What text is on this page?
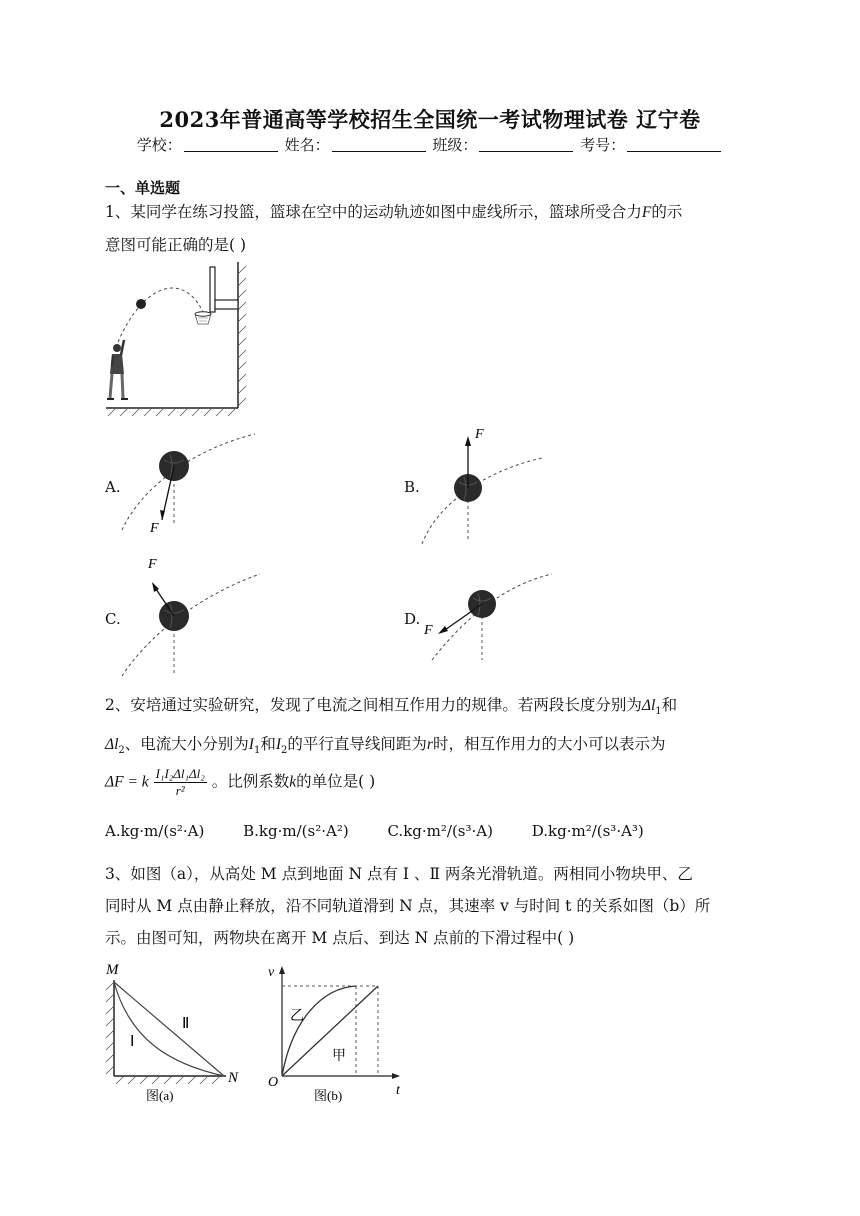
2023年普通高等学校招生全国统一考试物理试卷 辽宁卷
学校：	姓名：	班级：	考号：
一、单选题
1、某同学在练习投篮，篮球在空中的运动轨迹如图中虚线所示，篮球所受合力F的示
意图可能正确的是( )
A.
F
B.
F
C.
F
D.
F
2、安培通过实验研究，发现了电流之间相互作用力的规律。若两段长度分别为$\Delta l_1$和
$\Delta l_2$、电流大小分别为$I_1$和$I_2$的平行直导线间距为r时，相互作用力的大小可以表示为
ΔF = k $\frac{\text{I₁I₂Δl₁Δl₂}}{\text{r²}}$ 。比例系数k的单位是( )
A.kg·m/(s²·A)	B.kg·m/(s²·A²)	C.kg·m²/(s³·A)	D.kg·m²/(s³·A³)
3、如图（a），从高处 M 点到地面 N 点有 Ⅰ 、Ⅱ 两条光滑轨道。两相同小物块甲、乙
同时从 M 点由静止释放，沿不同轨道滑到 N 点，其速率 v 与时间 t 的关系如图（b）所
示。由图可知，两物块在离开 M 点后、到达 N 点前的下滑过程中( )
M
N
Ⅰ
Ⅱ
图(a)
v
t
O
乙
甲
图(b)
